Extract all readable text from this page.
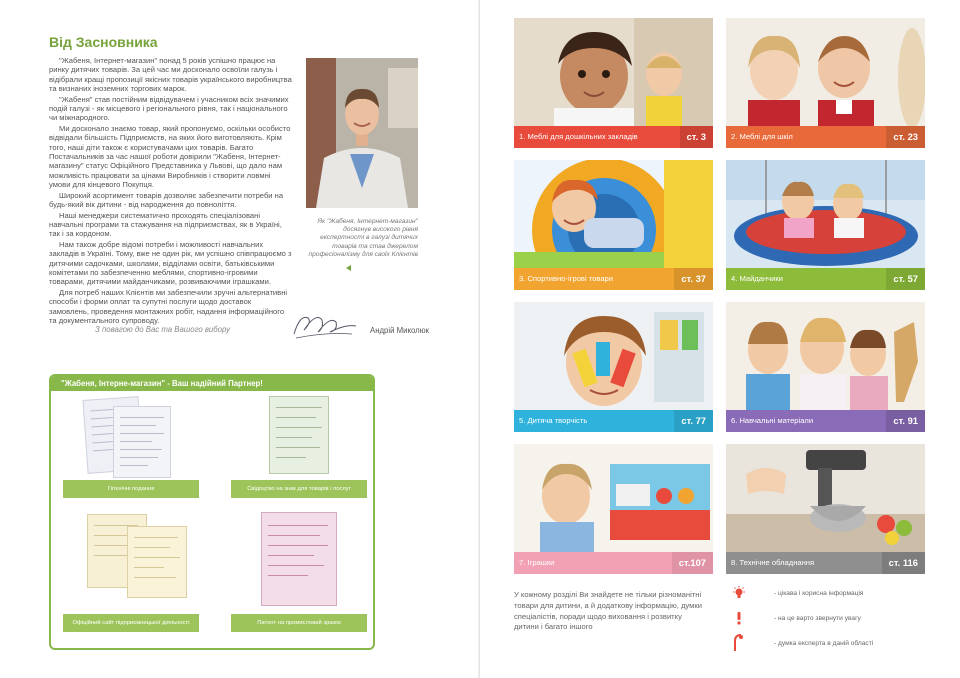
Від Засновника

"Жабеня, Інтернет-магазин" понад 5 років успішно працює на ринку дитячих товарів. За цей час ми досконало освоїли галузь і відібрали кращі пропозиції якісних товарів українського виробництва та визнаних іноземних торгових марок.

"Жабеня" став постійним відвідувачем і учасником всіх значимих подій галузі - як місцевого і регіонального рівня, так і національного чи міжнародного.

Ми досконало знаємо товар, який пропонуємо, оскільки особисто відвідали більшість Підприємств, на яких його виготовляють. Крім того, наші діти також є користувачами цих товарів. Багато Постачальників за час нашої роботи довірили "Жабеня, Інтернет-магазину" статус Офіційного Представника у Львові, що дало нам можливість працювати за цінами Виробників і створити ловмні умови для кінцевого Покупця.

Широкий асортимент товарів дозволяє забезпечити потреби на будь-який вік дитини - від народження до повноліття.

Наші менеджери систематично проходять спеціалізовані навчальні програми та стажування на підприємствах, як в Україні, так і за кордоном.

Нам також добре відомі потреби і можливості навчальних закладів в Україні. Тому, вже не один рік, ми успішно співпрацюємо з дитячими садочками, школами, відділами освіти, батьківськими комітетами по забезпеченню меблями, спортивно-ігровими товарами, дитячими майданчиками, розвиваючими іграшками.

Для потреб наших Клієнтів ми забезпечили зручні альтернативні способи і форми оплат та супутні послуги щодо доставок замовлень, проведення монтажних робіт, надання інформаційного та документального супроводу.

Як "Жабеня, Інтернет-магазин" досягнув високого рівня експертності в галузі дитячих товарів та став джерелом професіоналізму для своїх Клієнтів
З повагою до Вас та Вашого вибору	Андрій Миколюк
"Жабеня, Інтерне-магазин" - Ваш надійний Партнер!
Гігієнічні подання	Свідоцтво на знак для товарів і послуг
Офіційний сайт підприємницької діяльності	Патент на промисловий зразок
1. Меблі для дошкільних закладів	ст. 3	2. Меблі для шкіл	ст. 23
3. Спортивно-ігрові товари	ст. 37	4. Майданчики	ст. 57
5. Дитяча творчість	ст. 77	6. Навчальні матеріали	ст. 91
7. Іграшки	ст.107	8. Технічне обладнання	ст. 116
У кожному розділі Ви знайдете не тільки різноманітні товари для дитини, а й додаткову інформацію, думки спеціалістів, поради щодо виховання і розвитку дитини і багато іншого
- цікава і корисна інформація
- на це варто звернути увагу
- думка експерта в даній області
